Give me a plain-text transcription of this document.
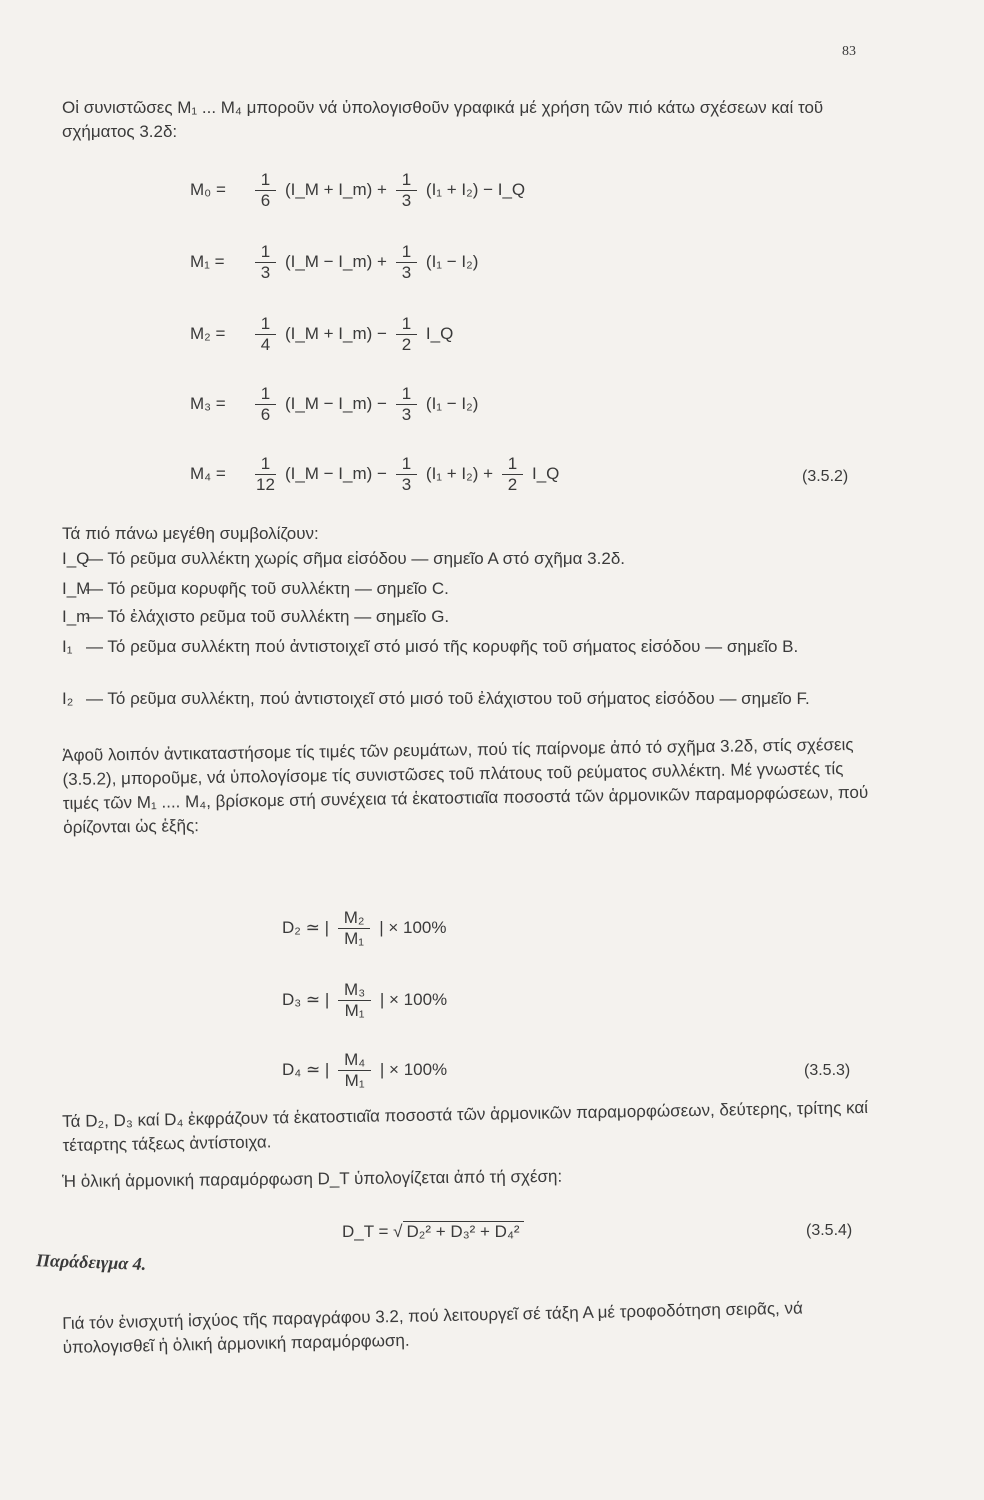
83
Οἱ συνιστῶσες M₁ ... M₄ μποροῦν νά ὑπολογισθοῦν γραφικά μέ χρήση τῶν πιό κάτω σχέσεων καί τοῦ σχήματος 3.2δ:
$M_0 = \frac{1}{6}$ (I_M + I_m) + $\frac{1}{3} (I_1 + I_2)$ − I_Q
$M_1 = \frac{1}{3}$ (I_M − I_m) + $\frac{1}{3} (I_1 - I_2)$
$M_2 = \frac{1}{4}$ (I_M + I_m) − $\frac{1}{2}$ I_Q
$M_3 = \frac{1}{6}$ (I_M − I_m) − $\frac{1}{3} (I_1 - I_2)$
$M_4 = \frac{1}{12}$ (I_M − I_m) − $\frac{1}{3} (I_1 + I_2) + \frac{1}{2}$ I_Q	(3.5.2)
Τά πιό πάνω μεγέθη συμβολίζουν:
I_Q— Τό ρεῦμα συλλέκτη χωρίς σῆμα εἰσόδου — σημεῖο Α στό σχῆμα 3.2δ.
I_M— Τό ρεῦμα κορυφῆς τοῦ συλλέκτη — σημεῖο C.
I_m— Τό ἐλάχιστο ρεῦμα τοῦ συλλέκτη — σημεῖο G.
I₁ — Τό ρεῦμα συλλέκτη πού ἀντιστοιχεῖ στό μισό τῆς κορυφῆς τοῦ σήματος εἰσόδου — σημεῖο Β.
I₂ — Τό ρεῦμα συλλέκτη, πού ἀντιστοιχεῖ στό μισό τοῦ ἐλάχιστου τοῦ σήματος εἰσόδου — σημεῖο F.
Ἀφοῦ λοιπόν ἀντικαταστήσομε τίς τιμές τῶν ρευμάτων, πού τίς παίρνομε ἀπό τό σχῆμα 3.2δ, στίς σχέσεις (3.5.2), μποροῦμε, νά ὑπολογίσομε τίς συνιστῶσες τοῦ πλάτους τοῦ ρεύματος συλλέκτη. Μέ γνωστές τίς τιμές τῶν M₁ .... M₄, βρίσκομε στή συνέχεια τά ἑκατοστιαῖα ποσοστά τῶν ἁρμονικῶν παραμορφώσεων, πού ὁρίζονται ὡς ἑξῆς:
D₂ ≃ | $\frac{\text{M₂}}{\text{M₁}}$ | × 100%
D₃ ≃ | $\frac{\text{M₃}}{\text{M₁}}$ | × 100%
D₄ ≃ | $\frac{\text{M₄}}{\text{M₁}}$ | × 100%	(3.5.3)
Τά D₂, D₃ καί D₄ ἐκφράζουν τά ἑκατοστιαῖα ποσοστά τῶν ἁρμονικῶν παραμορφώσεων, δεύτερης, τρίτης καί τέταρτης τάξεως ἀντίστοιχα.
Ἡ ὁλική ἁρμονική παραμόρφωση D_T ὑπολογίζεται ἀπό τή σχέση:
D_T = √ D₂² + D₃² + D₄²	(3.5.4)
Παράδειγμα 4.
Γιά τόν ἐνισχυτή ἰσχύος τῆς παραγράφου 3.2, πού λειτουργεῖ σέ τάξη Α μέ τροφοδότηση σειρᾶς, νά ὑπολογισθεῖ ἡ ὁλική ἁρμονική παραμόρφωση.
